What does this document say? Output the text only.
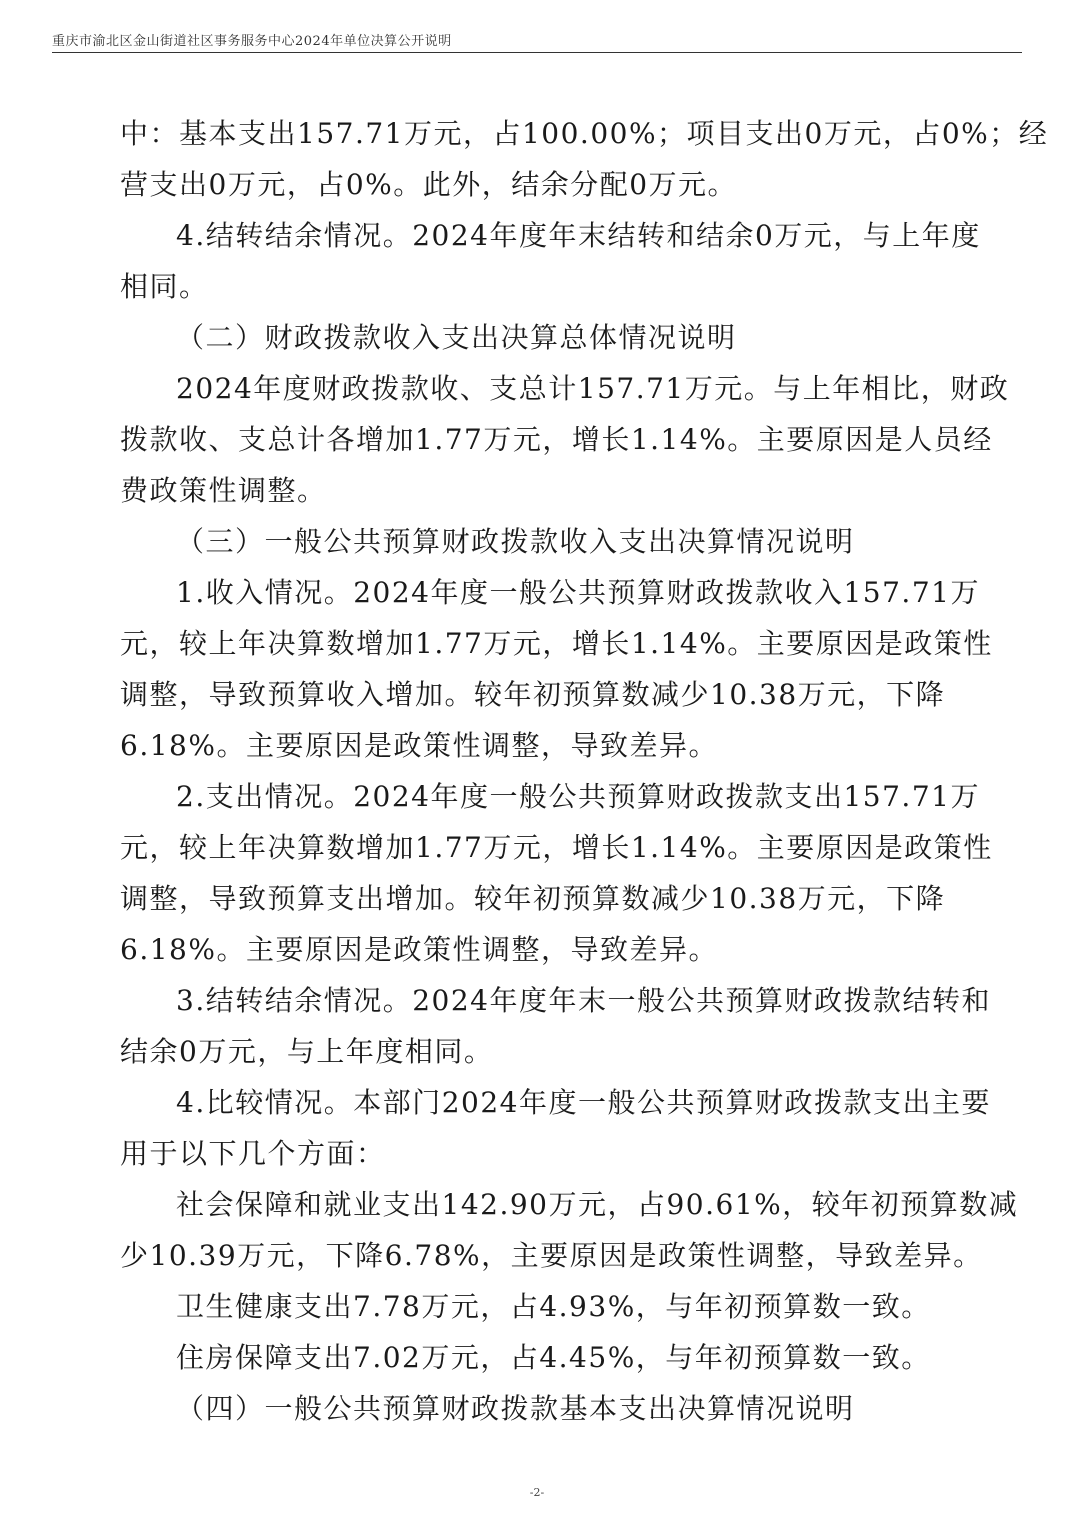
重庆市渝北区金山街道社区事务服务中心2024年单位决算公开说明
中：基本支出157.71万元，占100.00%；项目支出0万元，占0%；经
营支出0万元，占0%。此外，结余分配0万元。
4.结转结余情况。2024年度年末结转和结余0万元，与上年度
相同。
（二）财政拨款收入支出决算总体情况说明
2024年度财政拨款收、支总计157.71万元。与上年相比，财政
拨款收、支总计各增加1.77万元，增长1.14%。主要原因是人员经
费政策性调整。
（三）一般公共预算财政拨款收入支出决算情况说明
1.收入情况。2024年度一般公共预算财政拨款收入157.71万
元，较上年决算数增加1.77万元，增长1.14%。主要原因是政策性
调整，导致预算收入增加。较年初预算数减少10.38万元，下降
6.18%。主要原因是政策性调整，导致差异。
2.支出情况。2024年度一般公共预算财政拨款支出157.71万
元，较上年决算数增加1.77万元，增长1.14%。主要原因是政策性
调整，导致预算支出增加。较年初预算数减少10.38万元，下降
6.18%。主要原因是政策性调整，导致差异。
3.结转结余情况。2024年度年末一般公共预算财政拨款结转和
结余0万元，与上年度相同。
4.比较情况。本部门2024年度一般公共预算财政拨款支出主要
用于以下几个方面：
社会保障和就业支出142.90万元，占90.61%，较年初预算数减
少10.39万元，下降6.78%，主要原因是政策性调整，导致差异。
卫生健康支出7.78万元，占4.93%，与年初预算数一致。
住房保障支出7.02万元，占4.45%，与年初预算数一致。
（四）一般公共预算财政拨款基本支出决算情况说明
-2-
